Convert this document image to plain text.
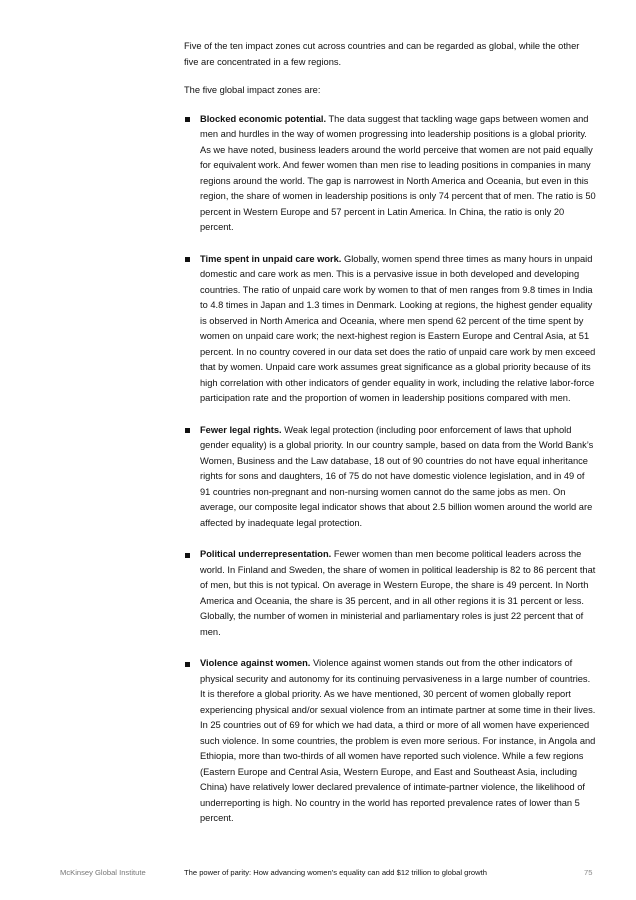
Five of the ten impact zones cut across countries and can be regarded as global, while the other five are concentrated in a few regions.

The five global impact zones are:

Blocked economic potential. The data suggest that tackling wage gaps between women and men and hurdles in the way of women progressing into leadership positions is a global priority. As we have noted, business leaders around the world perceive that women are not paid equally for equivalent work. And fewer women than men rise to leading positions in companies in many regions around the world. The gap is narrowest in North America and Oceania, but even in this region, the share of women in leadership positions is only 74 percent that of men. The ratio is 50 percent in Western Europe and 57 percent in Latin America. In China, the ratio is only 20 percent.
Time spent in unpaid care work. Globally, women spend three times as many hours in unpaid domestic and care work as men. This is a pervasive issue in both developed and developing countries. The ratio of unpaid care work by women to that of men ranges from 9.8 times in India to 4.8 times in Japan and 1.3 times in Denmark. Looking at regions, the highest gender equality is observed in North America and Oceania, where men spend 62 percent of the time spent by women on unpaid care work; the next-highest region is Eastern Europe and Central Asia, at 51 percent. In no country covered in our data set does the ratio of unpaid care work by men exceed that by women. Unpaid care work assumes great significance as a global priority because of its high correlation with other indicators of gender equality in work, including the relative labor-force participation rate and the proportion of women in leadership positions compared with men.
Fewer legal rights. Weak legal protection (including poor enforcement of laws that uphold gender equality) is a global priority. In our country sample, based on data from the World Bank’s Women, Business and the Law database, 18 out of 90 countries do not have equal inheritance rights for sons and daughters, 16 of 75 do not have domestic violence legislation, and in 49 of 91 countries non-pregnant and non-nursing women cannot do the same jobs as men. On average, our composite legal indicator shows that about 2.5 billion women around the world are affected by inadequate legal protection.
Political underrepresentation. Fewer women than men become political leaders across the world. In Finland and Sweden, the share of women in political leadership is 82 to 86 percent that of men, but this is not typical. On average in Western Europe, the share is 49 percent. In North America and Oceania, the share is 35 percent, and in all other regions it is 31 percent or less. Globally, the number of women in ministerial and parliamentary roles is just 22 percent that of men.
Violence against women. Violence against women stands out from the other indicators of physical security and autonomy for its continuing pervasiveness in a large number of countries. It is therefore a global priority. As we have mentioned, 30 percent of women globally report experiencing physical and/or sexual violence from an intimate partner at some time in their lives. In 25 countries out of 69 for which we had data, a third or more of all women have experienced such violence. In some countries, the problem is even more serious. For instance, in Angola and Ethiopia, more than two-thirds of all women have reported such violence. While a few regions (Eastern Europe and Central Asia, Western Europe, and East and Southeast Asia, including China) have relatively lower declared prevalence of intimate-partner violence, the likelihood of underreporting is high. No country in the world has reported prevalence rates of lower than 5 percent.
McKinsey Global Institute	The power of parity: How advancing women’s equality can add $12 trillion to global growth	75
